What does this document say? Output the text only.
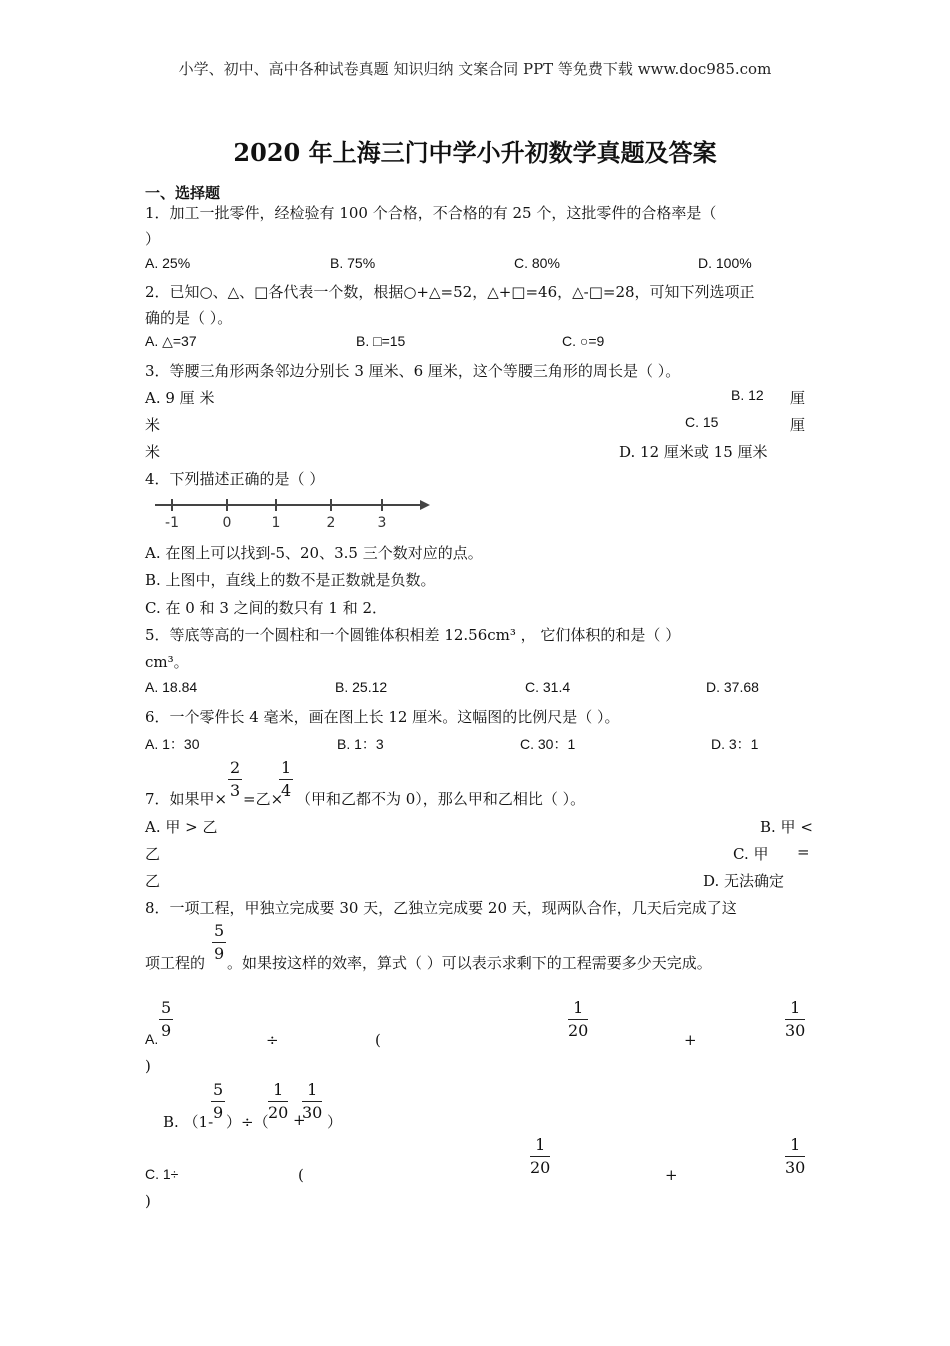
小学、初中、高中各种试卷真题 知识归纳 文案合同 PPT 等免费下载 www.doc985.com
2020 年上海三门中学小升初数学真题及答案
一、选择题
1．加工一批零件，经检验有 100 个合格，不合格的有 25 个，这批零件的合格率是（
）
A. 25%	B. 75%	C. 80%	D. 100%
2．已知○、△、□各代表一个数，根据○+△=52，△+□=46，△-□=28，可知下列选项正
确的是（ ）。
A. △=37	B. □=15	C. ○=9
3．等腰三角形两条邻边分别长 3 厘米、6 厘米，这个等腰三角形的周长是（ ）。
A. 9 厘 米	B. 12 厘
米	C. 15	厘
米	D. 12 厘米或 15 厘米
4．下列描述正确的是（ ）
-1	0	1	2	3
A. 在图上可以找到-5、20、3.5 三个数对应的点。
B. 上图中，直线上的数不是正数就是负数。
C. 在 0 和 3 之间的数只有 1 和 2．
5．等底等高的一个圆柱和一个圆锥体积相差 12.56cm³ ， 它们体积的和是（ ）
cm³。
A. 18.84	B. 25.12	C. 31.4	D. 37.68
6．一个零件长 4 毫米，画在图上长 12 厘米。这幅图的比例尺是（ ）。
A. 1：30	B. 1：3	C. 30：1	D. 3：1
7．如果甲× $\frac{2}{3}$ =乙×
$\frac{1}{4}$ （甲和乙都不为 0），那么甲和乙相比（ ）。
A. 甲 > 乙	B. 甲 <
乙	C. 甲 =
乙	D. 无法确定
8．一项工程，甲独立完成要 30 天，乙独立完成要 20 天，现两队合作，几天后完成了这
项工程的
$\frac{5}{9}$
。如果按这样的效率，算式（ ）可以表示求剩下的工程需要多少天完成。
$\frac{5}{9}$
A.	÷	(
$\frac{1}{20}$
+
$\frac{1}{30}$
)
B. （1-
$\frac{5}{9}$
）÷（
$\frac{1}{20}$ +
$\frac{1}{30}$
）
C. 1÷	(	$\frac{1}{20}$	+	$\frac{1}{30}$
)
